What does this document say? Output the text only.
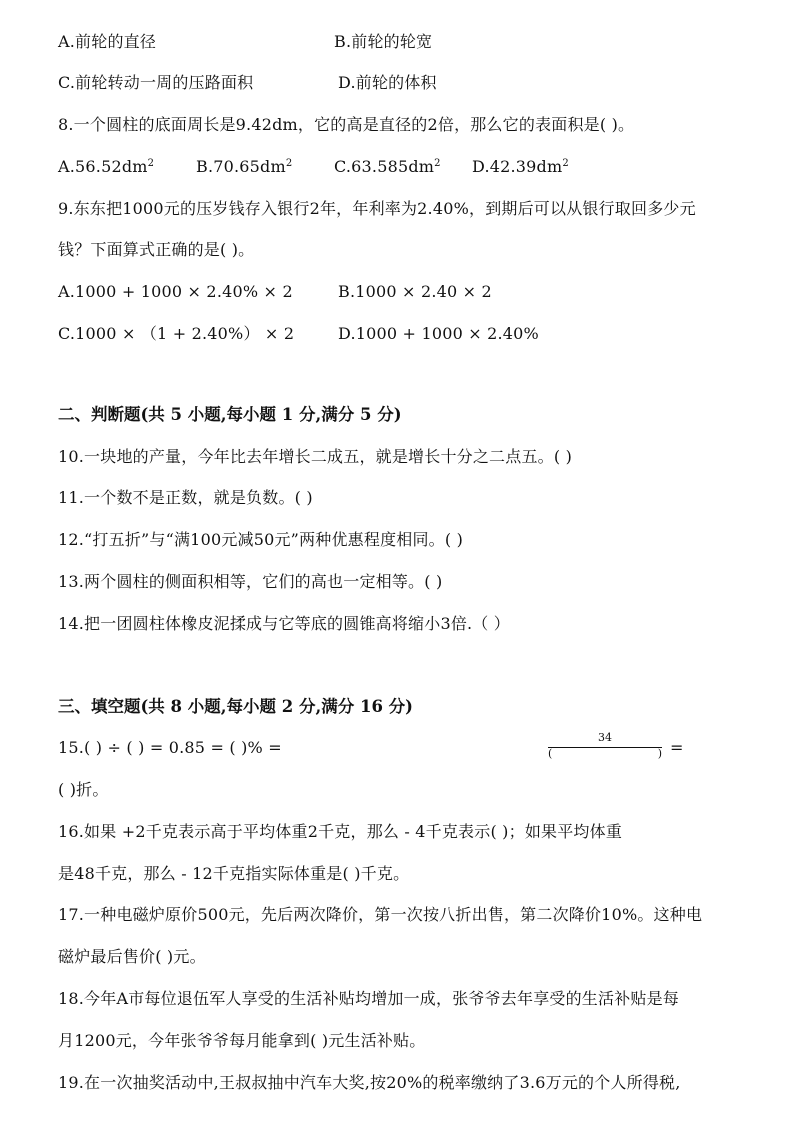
A.前轮的直径	B.前轮的轮宽
C.前轮转动一周的压路面积	D.前轮的体积
8.一个圆柱的底面周长是9.42dm，它的高是直径的2倍，那么它的表面积是( )。
$A.56.52dm^2$	$B.70.65dm^2$	$C.63.585dm^2$ $D.42.39dm^2$
9.东东把1000元的压岁钱存入银行2年，年利率为2.40%，到期后可以从银行取回多少元
钱？下面算式正确的是( )。
A.1000 + 1000 × 2.40% × 2	B.1000 × 2.40 × 2
C.1000 × （1 + 2.40%） × 2	D.1000 + 1000 × 2.40%
二、判断题(共 5 小题,每小题 1 分,满分 5 分)
10.一块地的产量，今年比去年增长二成五，就是增长十分之二点五。( )
11.一个数不是正数，就是负数。( )
12.“打五折”与“满100元减50元”两种优惠程度相同。( )
13.两个圆柱的侧面积相等，它们的高也一定相等。( )
14.把一团圆柱体橡皮泥揉成与它等底的圆锥高将缩小3倍.（ ）
三、填空题(共 8 小题,每小题 2 分,满分 16 分)
15.( ) ÷ ( ) = 0.85 = ( )% =
34
(	) =
( )折。
16.如果 +2千克表示高于平均体重2千克，那么 - 4千克表示( )；如果平均体重
是48千克，那么 - 12千克指实际体重是( )千克。
17.一种电磁炉原价500元，先后两次降价，第一次按八折出售，第二次降价10%。这种电
磁炉最后售价( )元。
18.今年A市每位退伍军人享受的生活补贴均增加一成，张爷爷去年享受的生活补贴是每
月1200元，今年张爷爷每月能拿到( )元生活补贴。
19.在一次抽奖活动中,王叔叔抽中汽车大奖,按20%的税率缴纳了3.6万元的个人所得税,
